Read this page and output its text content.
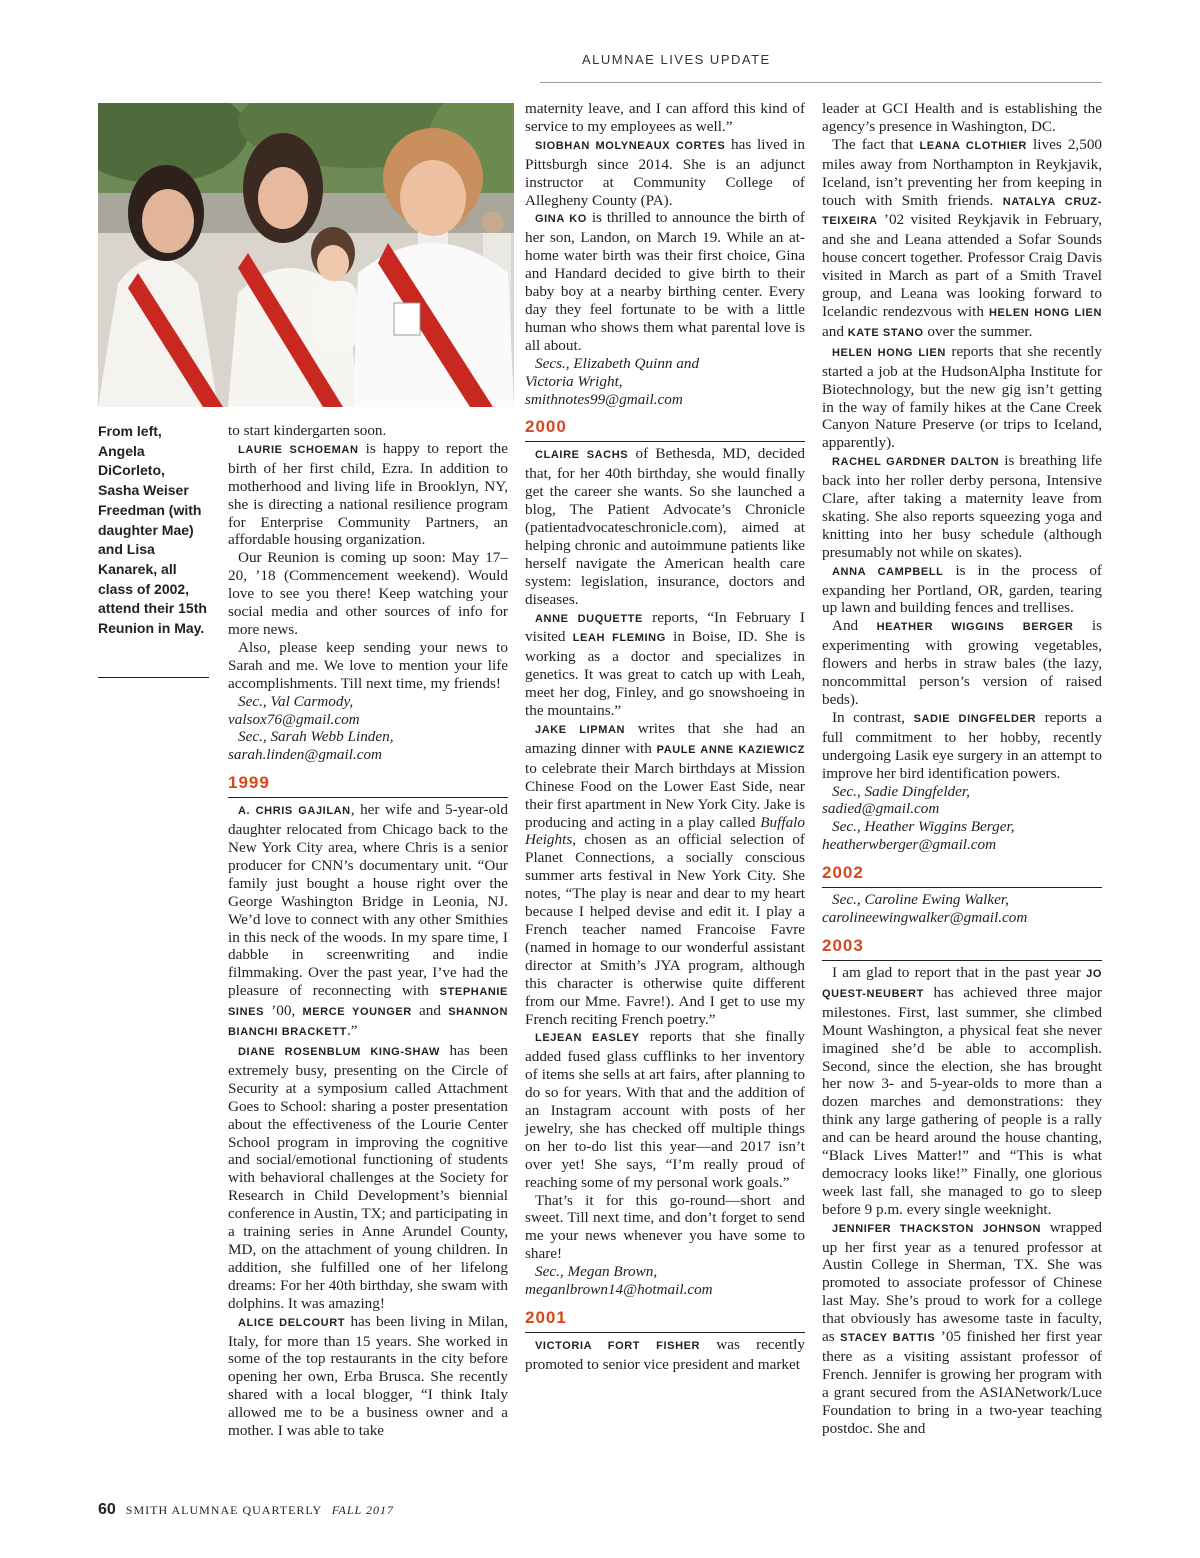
ALUMNAE LIVES UPDATE
From left, Angela DiCorleto, Sasha Weiser Freedman (with daughter Mae) and Lisa Kanarek, all class of 2002, attend their 15th Reunion in May.

to start kindergarten soon.

LAURIE SCHOEMAN is happy to report the birth of her first child, Ezra. In addition to motherhood and living life in Brooklyn, NY, she is directing a national resilience program for Enterprise Community Partners, an affordable housing organization.

Our Reunion is coming up soon: May 17–20, ’18 (Commencement weekend). Would love to see you there! Keep watching your social media and other sources of info for more news.

Also, please keep sending your news to Sarah and me. We love to mention your life accomplishments. Till next time, my friends!

Sec., Val Carmody,
valsox76@gmail.com

Sec., Sarah Webb Linden,
sarah.linden@gmail.com

1999

A. CHRIS GAJILAN, her wife and 5-year-old daughter relocated from Chicago back to the New York City area, where Chris is a senior producer for CNN’s documentary unit. “Our family just bought a house right over the George Washington Bridge in Leonia, NJ. We’d love to connect with any other Smithies in this neck of the woods. In my spare time, I dabble in screenwriting and indie filmmaking. Over the past year, I’ve had the pleasure of reconnecting with STEPHANIE SINES ’00, MERCE YOUNGER and SHANNON BIANCHI BRACKETT.”

DIANE ROSENBLUM KING-SHAW has been extremely busy, presenting on the Circle of Security at a symposium called Attachment Goes to School: sharing a poster presentation about the effectiveness of the Lourie Center School program in improving the cognitive and social/emotional functioning of students with behavioral challenges at the Society for Research in Child Development’s biennial conference in Austin, TX; and participating in a training series in Anne Arundel County, MD, on the attachment of young children. In addition, she fulfilled one of her lifelong dreams: For her 40th birthday, she swam with dolphins. It was amazing!

ALICE DELCOURT has been living in Milan, Italy, for more than 15 years. She worked in some of the top restaurants in the city before opening her own, Erba Brusca. She recently shared with a local blogger, “I think Italy allowed me to be a business owner and a mother. I was able to take

maternity leave, and I can afford this kind of service to my employees as well.”

SIOBHAN MOLYNEAUX CORTES has lived in Pittsburgh since 2014. She is an adjunct instructor at Community College of Allegheny County (PA).

GINA KO is thrilled to announce the birth of her son, Landon, on March 19. While an at-home water birth was their first choice, Gina and Handard decided to give birth to their baby boy at a nearby birthing center. Every day they feel fortunate to be with a little human who shows them what parental love is all about.

Secs., Elizabeth Quinn and
Victoria Wright,
smithnotes99@gmail.com

2000

CLAIRE SACHS of Bethesda, MD, decided that, for her 40th birthday, she would finally get the career she wants. So she launched a blog, The Patient Advocate’s Chronicle (patientadvocateschronicle.com), aimed at helping chronic and autoimmune patients like herself navigate the American health care system: legislation, insurance, doctors and diseases.

ANNE DUQUETTE reports, “In February I visited LEAH FLEMING in Boise, ID. She is working as a doctor and specializes in genetics. It was great to catch up with Leah, meet her dog, Finley, and go snowshoeing in the mountains.”

JAKE LIPMAN writes that she had an amazing dinner with PAULE ANNE KAZIEWICZ to celebrate their March birthdays at Mission Chinese Food on the Lower East Side, near their first apartment in New York City. Jake is producing and acting in a play called Buffalo Heights, chosen as an official selection of Planet Connections, a socially conscious summer arts festival in New York City. She notes, “The play is near and dear to my heart because I helped devise and edit it. I play a French teacher named Francoise Favre (named in homage to our wonderful assistant director at Smith’s JYA program, although this character is otherwise quite different from our Mme. Favre!). And I get to use my French reciting French poetry.”

LEJEAN EASLEY reports that she finally added fused glass cufflinks to her inventory of items she sells at art fairs, after planning to do so for years. With that and the addition of an Instagram account with posts of her jewelry, she has checked off multiple things on her to-do list this year—and 2017 isn’t over yet! She says, “I’m really proud of reaching some of my personal work goals.”

That’s it for this go-round—short and sweet. Till next time, and don’t forget to send me your news whenever you have some to share!

Sec., Megan Brown,
meganlbrown14@hotmail.com

2001

VICTORIA FORT FISHER was recently promoted to senior vice president and market

leader at GCI Health and is establishing the agency’s presence in Washington, DC.

The fact that LEANA CLOTHIER lives 2,500 miles away from Northampton in Reykjavik, Iceland, isn’t preventing her from keeping in touch with Smith friends. NATALYA CRUZ-TEIXEIRA ’02 visited Reykjavik in February, and she and Leana attended a Sofar Sounds house concert together. Professor Craig Davis visited in March as part of a Smith Travel group, and Leana was looking forward to Icelandic rendezvous with HELEN HONG LIEN and KATE STANO over the summer.

HELEN HONG LIEN reports that she recently started a job at the HudsonAlpha Institute for Biotechnology, but the new gig isn’t getting in the way of family hikes at the Cane Creek Canyon Nature Preserve (or trips to Iceland, apparently).

RACHEL GARDNER DALTON is breathing life back into her roller derby persona, Intensive Clare, after taking a maternity leave from skating. She also reports squeezing yoga and knitting into her busy schedule (although presumably not while on skates).

ANNA CAMPBELL is in the process of expanding her Portland, OR, garden, tearing up lawn and building fences and trellises.

And HEATHER WIGGINS BERGER is experimenting with growing vegetables, flowers and herbs in straw bales (the lazy, noncommittal person’s version of raised beds).

In contrast, SADIE DINGFELDER reports a full commitment to her hobby, recently undergoing Lasik eye surgery in an attempt to improve her bird identification powers.

Sec., Sadie Dingfelder,
sadied@gmail.com

Sec., Heather Wiggins Berger,
heatherwberger@gmail.com

2002

Sec., Caroline Ewing Walker,
carolineewingwalker@gmail.com

2003

I am glad to report that in the past year JO QUEST-NEUBERT has achieved three major milestones. First, last summer, she climbed Mount Washington, a physical feat she never imagined she’d be able to accomplish. Second, since the election, she has brought her now 3- and 5-year-olds to more than a dozen marches and demonstrations: they think any large gathering of people is a rally and can be heard around the house chanting, “Black Lives Matter!” and “This is what democracy looks like!” Finally, one glorious week last fall, she managed to go to sleep before 9 p.m. every single weeknight.

JENNIFER THACKSTON JOHNSON wrapped up her first year as a tenured professor at Austin College in Sherman, TX. She was promoted to associate professor of Chinese last May. She’s proud to work for a college that obviously has awesome taste in faculty, as STACEY BATTIS ’05 finished her first year there as a visiting assistant professor of French. Jennifer is growing her program with a grant secured from the ASIANetwork/Luce Foundation to bring in a two-year teaching postdoc. She and

60 SMITH ALUMNAE QUARTERLY FALL 2017
